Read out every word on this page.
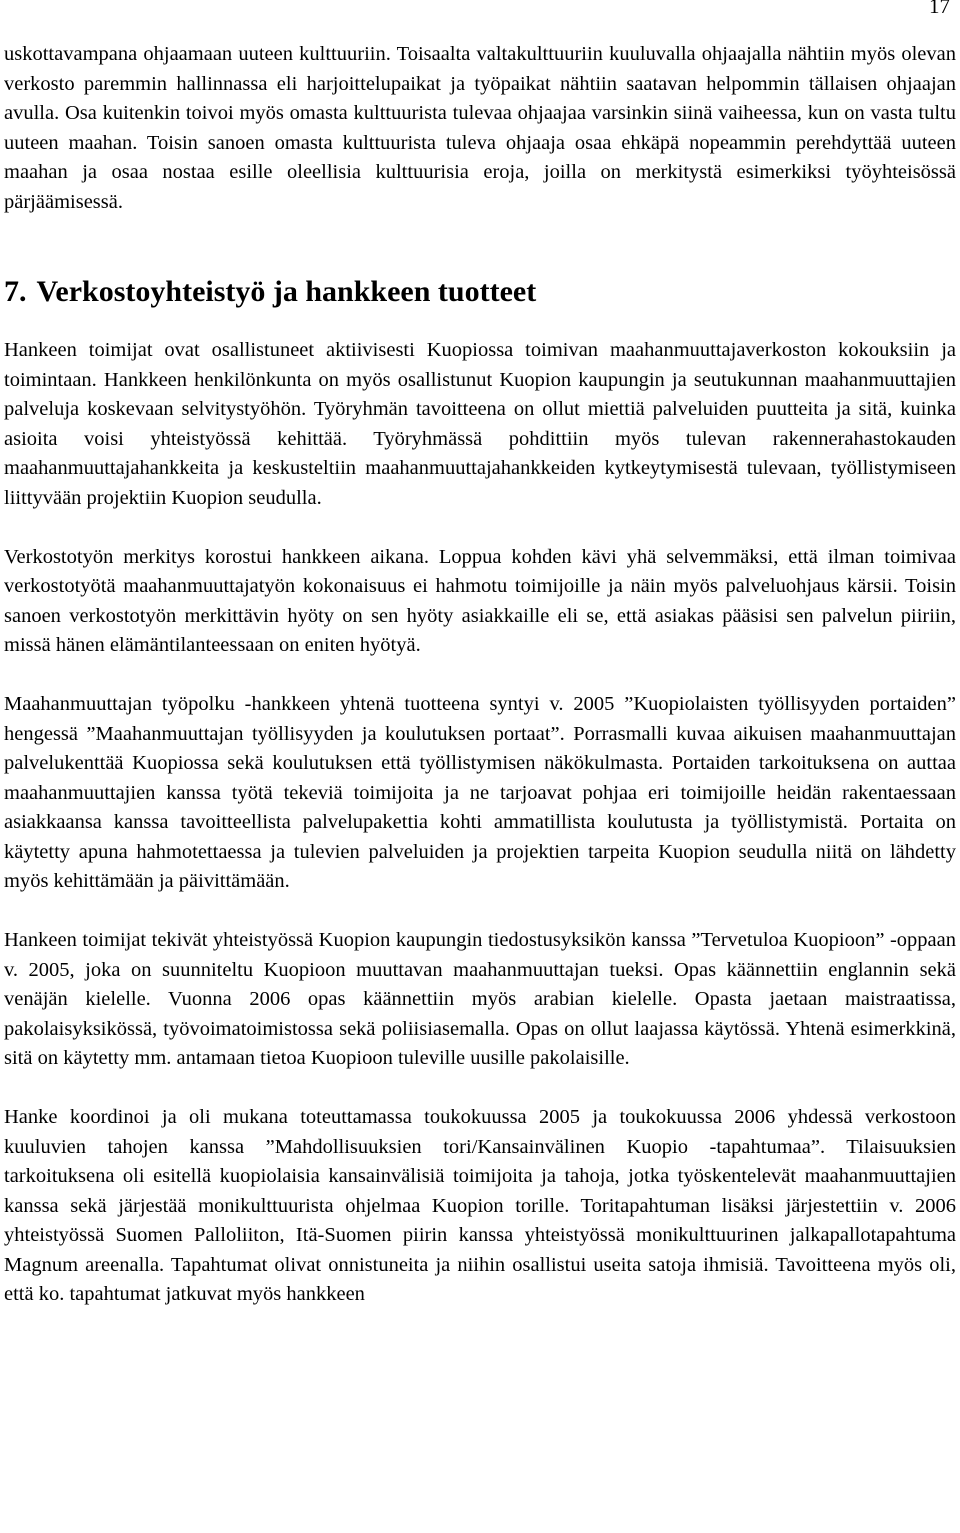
17

uskottavampana ohjaamaan uuteen kulttuuriin. Toisaalta valtakulttuuriin kuuluvalla ohjaajalla nähtiin myös olevan verkosto paremmin hallinnassa eli harjoittelupaikat ja työpaikat nähtiin saatavan helpommin tällaisen ohjaajan avulla. Osa kuitenkin toivoi myös omasta kulttuurista tulevaa ohjaajaa varsinkin siinä vaiheessa, kun on vasta tultu uuteen maahan. Toisin sanoen omasta kulttuurista tuleva ohjaaja osaa ehkäpä nopeammin perehdyttää uuteen maahan ja osaa nostaa esille oleellisia kulttuurisia eroja, joilla on merkitystä esimerkiksi työyhteisössä pärjäämisessä.

7. Verkostoyhteistyö ja hankkeen tuotteet

Hankeen toimijat ovat osallistuneet aktiivisesti Kuopiossa toimivan maahanmuuttajaverkoston kokouksiin ja toimintaan. Hankkeen henkilönkunta on myös osallistunut Kuopion kaupungin ja seutukunnan maahanmuuttajien palveluja koskevaan selvitystyöhön. Työryhmän tavoitteena on ollut miettiä palveluiden puutteita ja sitä, kuinka asioita voisi yhteistyössä kehittää. Työryhmässä pohdittiin myös tulevan rakennerahastokauden maahanmuuttajahankkeita ja keskusteltiin maahanmuuttajahankkeiden kytkeytymisestä tulevaan, työllistymiseen liittyvään projektiin Kuopion seudulla.

Verkostotyön merkitys korostui hankkeen aikana. Loppua kohden kävi yhä selvemmäksi, että ilman toimivaa verkostotyötä maahanmuuttajatyön kokonaisuus ei hahmotu toimijoille ja näin myös palveluohjaus kärsii. Toisin sanoen verkostotyön merkittävin hyöty on sen hyöty asiakkaille eli se, että asiakas pääsisi sen palvelun piiriin, missä hänen elämäntilanteessaan on eniten hyötyä.

Maahanmuuttajan työpolku -hankkeen yhtenä tuotteena syntyi v. 2005 ”Kuopiolaisten työllisyyden portaiden” hengessä ”Maahanmuuttajan työllisyyden ja koulutuksen portaat”. Porrasmalli kuvaa aikuisen maahanmuuttajan palvelukenttää Kuopiossa sekä koulutuksen että työllistymisen näkökulmasta. Portaiden tarkoituksena on auttaa maahanmuuttajien kanssa työtä tekeviä toimijoita ja ne tarjoavat pohjaa eri toimijoille heidän rakentaessaan asiakkaansa kanssa tavoitteellista palvelupakettia kohti ammatillista koulutusta ja työllistymistä. Portaita on käytetty apuna hahmotettaessa ja tulevien palveluiden ja projektien tarpeita Kuopion seudulla niitä on lähdetty myös kehittämään ja päivittämään.

Hankeen toimijat tekivät yhteistyössä Kuopion kaupungin tiedostusyksikön kanssa ”Tervetuloa Kuopioon” -oppaan v. 2005, joka on suunniteltu Kuopioon muuttavan maahanmuuttajan tueksi. Opas käännettiin englannin sekä venäjän kielelle. Vuonna 2006 opas käännettiin myös arabian kielelle. Opasta jaetaan maistraatissa, pakolaisyksikössä, työvoimatoimistossa sekä poliisiasemalla. Opas on ollut laajassa käytössä. Yhtenä esimerkkinä, sitä on käytetty mm. antamaan tietoa Kuopioon tuleville uusille pakolaisille.

Hanke koordinoi ja oli mukana toteuttamassa toukokuussa 2005 ja toukokuussa 2006 yhdessä verkostoon kuuluvien tahojen kanssa ”Mahdollisuuksien tori/Kansainvälinen Kuopio -tapahtumaa”. Tilaisuuksien tarkoituksena oli esitellä kuopiolaisia kansainvälisiä toimijoita ja tahoja, jotka työskentelevät maahanmuuttajien kanssa sekä järjestää monikulttuurista ohjelmaa Kuopion torille. Toritapahtuman lisäksi järjestettiin v. 2006 yhteistyössä Suomen Palloliiton, Itä-Suomen piirin kanssa yhteistyössä monikulttuurinen jalkapallotapahtuma Magnum areenalla. Tapahtumat olivat onnistuneita ja niihin osallistui useita satoja ihmisiä. Tavoitteena myös oli, että ko. tapahtumat jatkuvat myös hankkeen
